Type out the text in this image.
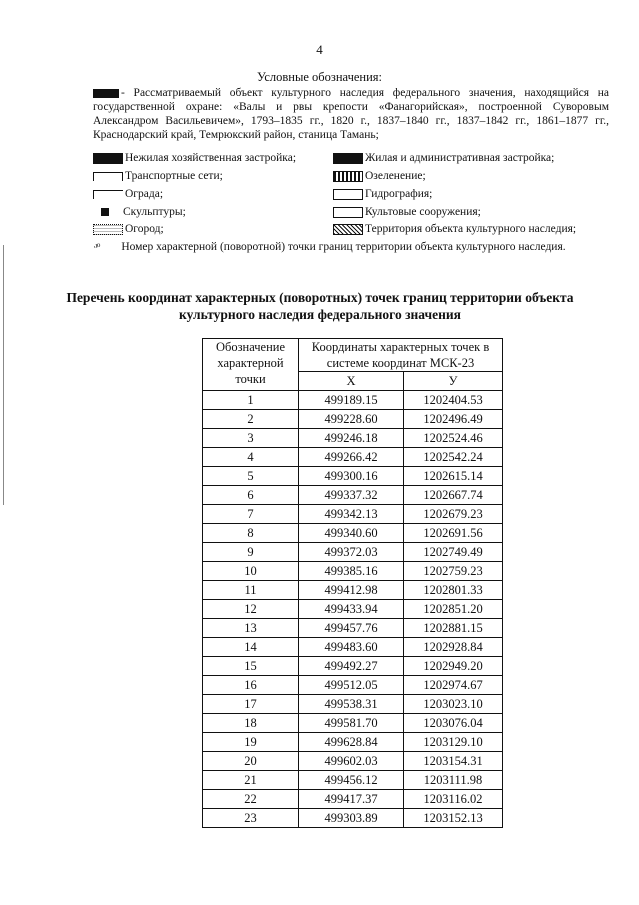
4
Условные обозначения:
- Рассматриваемый объект культурного наследия федерального значения, находящийся на государственной охране: «Валы и рвы крепости «Фанагорийская», построенной Суворовым Александром Васильевичем», 1793–1835 гг., 1820 г., 1837–1840 гг., 1837–1842 гг., 1861–1877 гг., Краснодарский край, Темрюкский район, станица Тамань;
Нежилая хозяйственная застройка;
Транспортные сети;
Ограда;
Скульптуры;
Огород;
Жилая и административная застройка;
Озеленение;
Гидрография;
Культовые сооружения;
Территория объекта культурного наследия;
·¹⁰ Номер характерной (поворотной) точки границ территории объекта культурного наследия.
Перечень координат характерных (поворотных) точек границ территории объекта культурного наследия федерального значения
Обозначение характерной точки	Координаты характерных точек в системе координат МСК-23	
	X	У
1	499189.15	1202404.53
2	499228.60	1202496.49
3	499246.18	1202524.46
4	499266.42	1202542.24
5	499300.16	1202615.14
6	499337.32	1202667.74
7	499342.13	1202679.23
8	499340.60	1202691.56
9	499372.03	1202749.49
10	499385.16	1202759.23
11	499412.98	1202801.33
12	499433.94	1202851.20
13	499457.76	1202881.15
14	499483.60	1202928.84
15	499492.27	1202949.20
16	499512.05	1202974.67
17	499538.31	1203023.10
18	499581.70	1203076.04
19	499628.84	1203129.10
20	499602.03	1203154.31
21	499456.12	1203111.98
22	499417.37	1203116.02
23	499303.89	1203152.13
